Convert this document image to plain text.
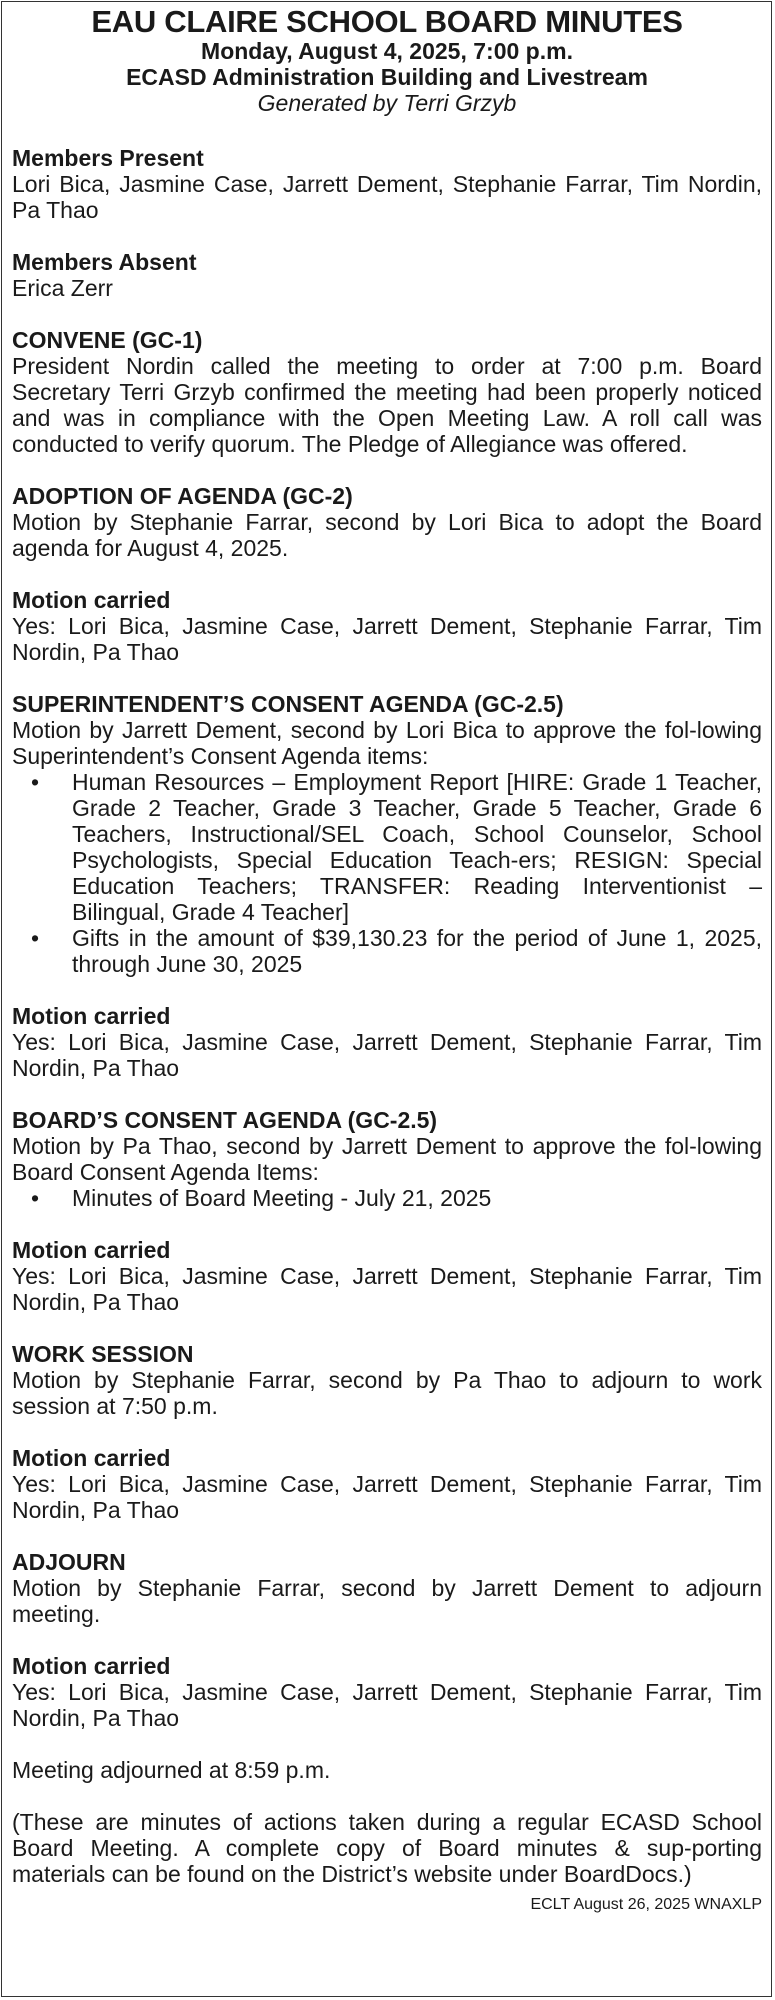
EAU CLAIRE SCHOOL BOARD MINUTES
Monday, August 4, 2025, 7:00 p.m.
ECASD Administration Building and Livestream
Generated by Terri Grzyb
Members Present

Lori Bica, Jasmine Case, Jarrett Dement, Stephanie Farrar, Tim Nordin, Pa Thao

Members Absent

Erica Zerr

CONVENE (GC-1)

President Nordin called the meeting to order at 7:00 p.m. Board Secretary Terri Grzyb confirmed the meeting had been properly noticed and was in compliance with the Open Meeting Law. A roll call was conducted to verify quorum. The Pledge of Allegiance was offered.

ADOPTION OF AGENDA (GC-2)

Motion by Stephanie Farrar, second by Lori Bica to adopt the Board agenda for August 4, 2025.

Motion carried

Yes: Lori Bica, Jasmine Case, Jarrett Dement, Stephanie Farrar, Tim Nordin, Pa Thao

SUPERINTENDENT’S CONSENT AGENDA (GC-2.5)

Motion by Jarrett Dement, second by Lori Bica to approve the fol-lowing Superintendent’s Consent Agenda items:

• Human Resources – Employment Report [HIRE: Grade 1 Teacher, Grade 2 Teacher, Grade 3 Teacher, Grade 5 Teacher, Grade 6 Teachers, Instructional/SEL Coach, School Counselor, School Psychologists, Special Education Teach-ers; RESIGN: Special Education Teachers; TRANSFER: Reading Interventionist – Bilingual, Grade 4 Teacher]
• Gifts in the amount of $39,130.23 for the period of June 1, 2025, through June 30, 2025
Motion carried

Yes: Lori Bica, Jasmine Case, Jarrett Dement, Stephanie Farrar, Tim Nordin, Pa Thao

BOARD’S CONSENT AGENDA (GC-2.5)

Motion by Pa Thao, second by Jarrett Dement to approve the fol-lowing Board Consent Agenda Items:

• Minutes of Board Meeting - July 21, 2025
Motion carried

Yes: Lori Bica, Jasmine Case, Jarrett Dement, Stephanie Farrar, Tim Nordin, Pa Thao

WORK SESSION

Motion by Stephanie Farrar, second by Pa Thao to adjourn to work session at 7:50 p.m.

Motion carried

Yes: Lori Bica, Jasmine Case, Jarrett Dement, Stephanie Farrar, Tim Nordin, Pa Thao

ADJOURN

Motion by Stephanie Farrar, second by Jarrett Dement to adjourn meeting.

Motion carried

Yes: Lori Bica, Jasmine Case, Jarrett Dement, Stephanie Farrar, Tim Nordin, Pa Thao

Meeting adjourned at 8:59 p.m.

(These are minutes of actions taken during a regular ECASD School Board Meeting. A complete copy of Board minutes & sup-porting materials can be found on the District’s website under BoardDocs.)

ECLT August 26, 2025 WNAXLP
